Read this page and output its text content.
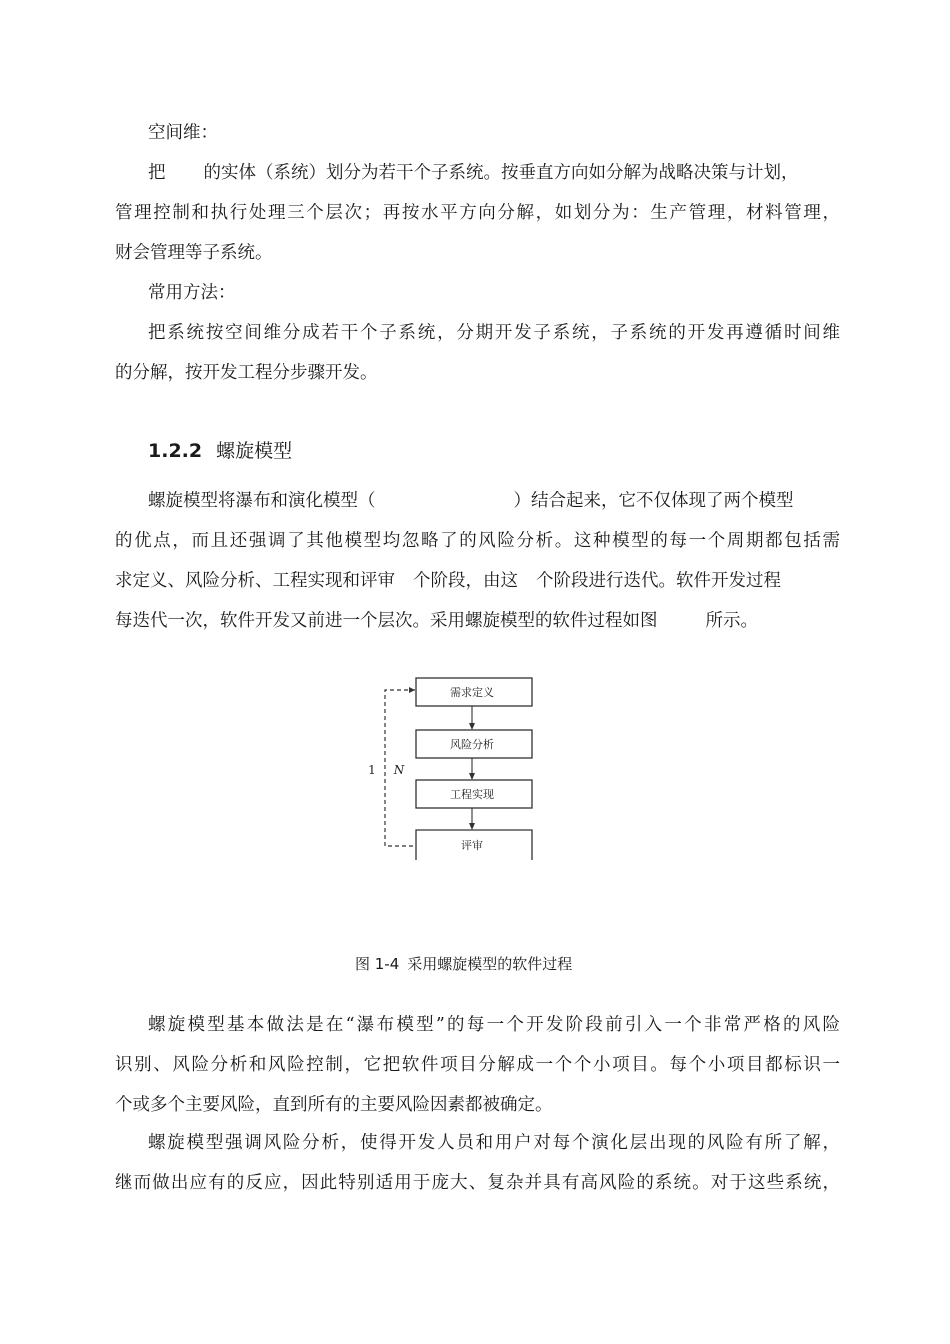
空间维：
把 的实体（系统）划分为若干个子系统。按垂直方向如分解为战略决策与计划，
管理控制和执行处理三个层次；再按水平方向分解，如划分为：生产管理，材料管理，
财会管理等子系统。
常用方法：
把系统按空间维分成若干个子系统，分期开发子系统，子系统的开发再遵循时间维
的分解，按开发工程分步骤开发。
1.2.2 螺旋模型
螺旋模型将瀑布和演化模型（	）结合起来，它不仅体现了两个模型
的优点，而且还强调了其他模型均忽略了的风险分析。这种模型的每一个周期都包括需
求定义、风险分析、工程实现和评审 个阶段，由这 个阶段进行迭代。软件开发过程
每迭代一次，软件开发又前进一个层次。采用螺旋模型的软件过程如图	所示。
需求定义
风险分析
工程实现
评审
1 N
图 1-4 采用螺旋模型的软件过程
螺旋模型基本做法是在“瀑布模型”的每一个开发阶段前引入一个非常严格的风险
识别、风险分析和风险控制，它把软件项目分解成一个个小项目。每个小项目都标识一
个或多个主要风险，直到所有的主要风险因素都被确定。
螺旋模型强调风险分析，使得开发人员和用户对每个演化层出现的风险有所了解，
继而做出应有的反应，因此特别适用于庞大、复杂并具有高风险的系统。对于这些系统，
